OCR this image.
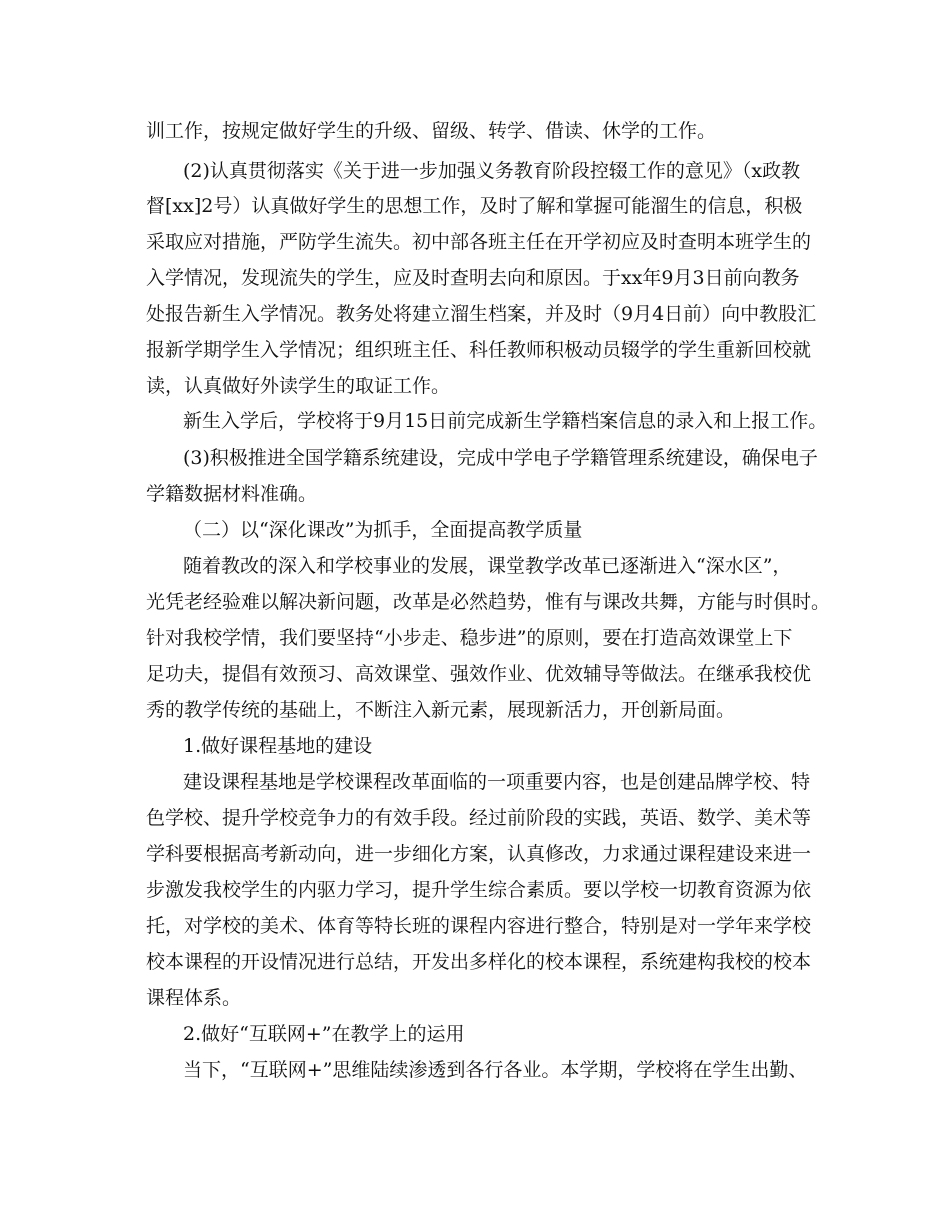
训工作，按规定做好学生的升级、留级、转学、借读、休学的工作。
(2)认真贯彻落实《关于进一步加强义务教育阶段控辍工作的意见》（x政教
督[xx]2号）认真做好学生的思想工作，及时了解和掌握可能溜生的信息，积极
采取应对措施，严防学生流失。初中部各班主任在开学初应及时查明本班学生的
入学情况，发现流失的学生，应及时查明去向和原因。于xx年9月3日前向教务
处报告新生入学情况。教务处将建立溜生档案，并及时（9月4日前）向中教股汇
报新学期学生入学情况；组织班主任、科任教师积极动员辍学的学生重新回校就
读，认真做好外读学生的取证工作。
新生入学后，学校将于9月15日前完成新生学籍档案信息的录入和上报工作。
(3)积极推进全国学籍系统建设，完成中学电子学籍管理系统建设，确保电子
学籍数据材料准确。
（二）以“深化课改”为抓手，全面提高教学质量
随着教改的深入和学校事业的发展，课堂教学改革已逐渐进入“深水区”，
光凭老经验难以解决新问题，改革是必然趋势，惟有与课改共舞，方能与时俱时。
针对我校学情，我们要坚持“小步走、稳步进”的原则，要在打造高效课堂上下
足功夫，提倡有效预习、高效课堂、强效作业、优效辅导等做法。在继承我校优
秀的教学传统的基础上，不断注入新元素，展现新活力，开创新局面。
1.做好课程基地的建设
建设课程基地是学校课程改革面临的一项重要内容，也是创建品牌学校、特
色学校、提升学校竞争力的有效手段。经过前阶段的实践，英语、数学、美术等
学科要根据高考新动向，进一步细化方案，认真修改，力求通过课程建设来进一
步激发我校学生的内驱力学习，提升学生综合素质。要以学校一切教育资源为依
托，对学校的美术、体育等特长班的课程内容进行整合，特别是对一学年来学校
校本课程的开设情况进行总结，开发出多样化的校本课程，系统建构我校的校本
课程体系。
2.做好“互联网+”在教学上的运用
当下，“互联网+”思维陆续渗透到各行各业。本学期，学校将在学生出勤、
